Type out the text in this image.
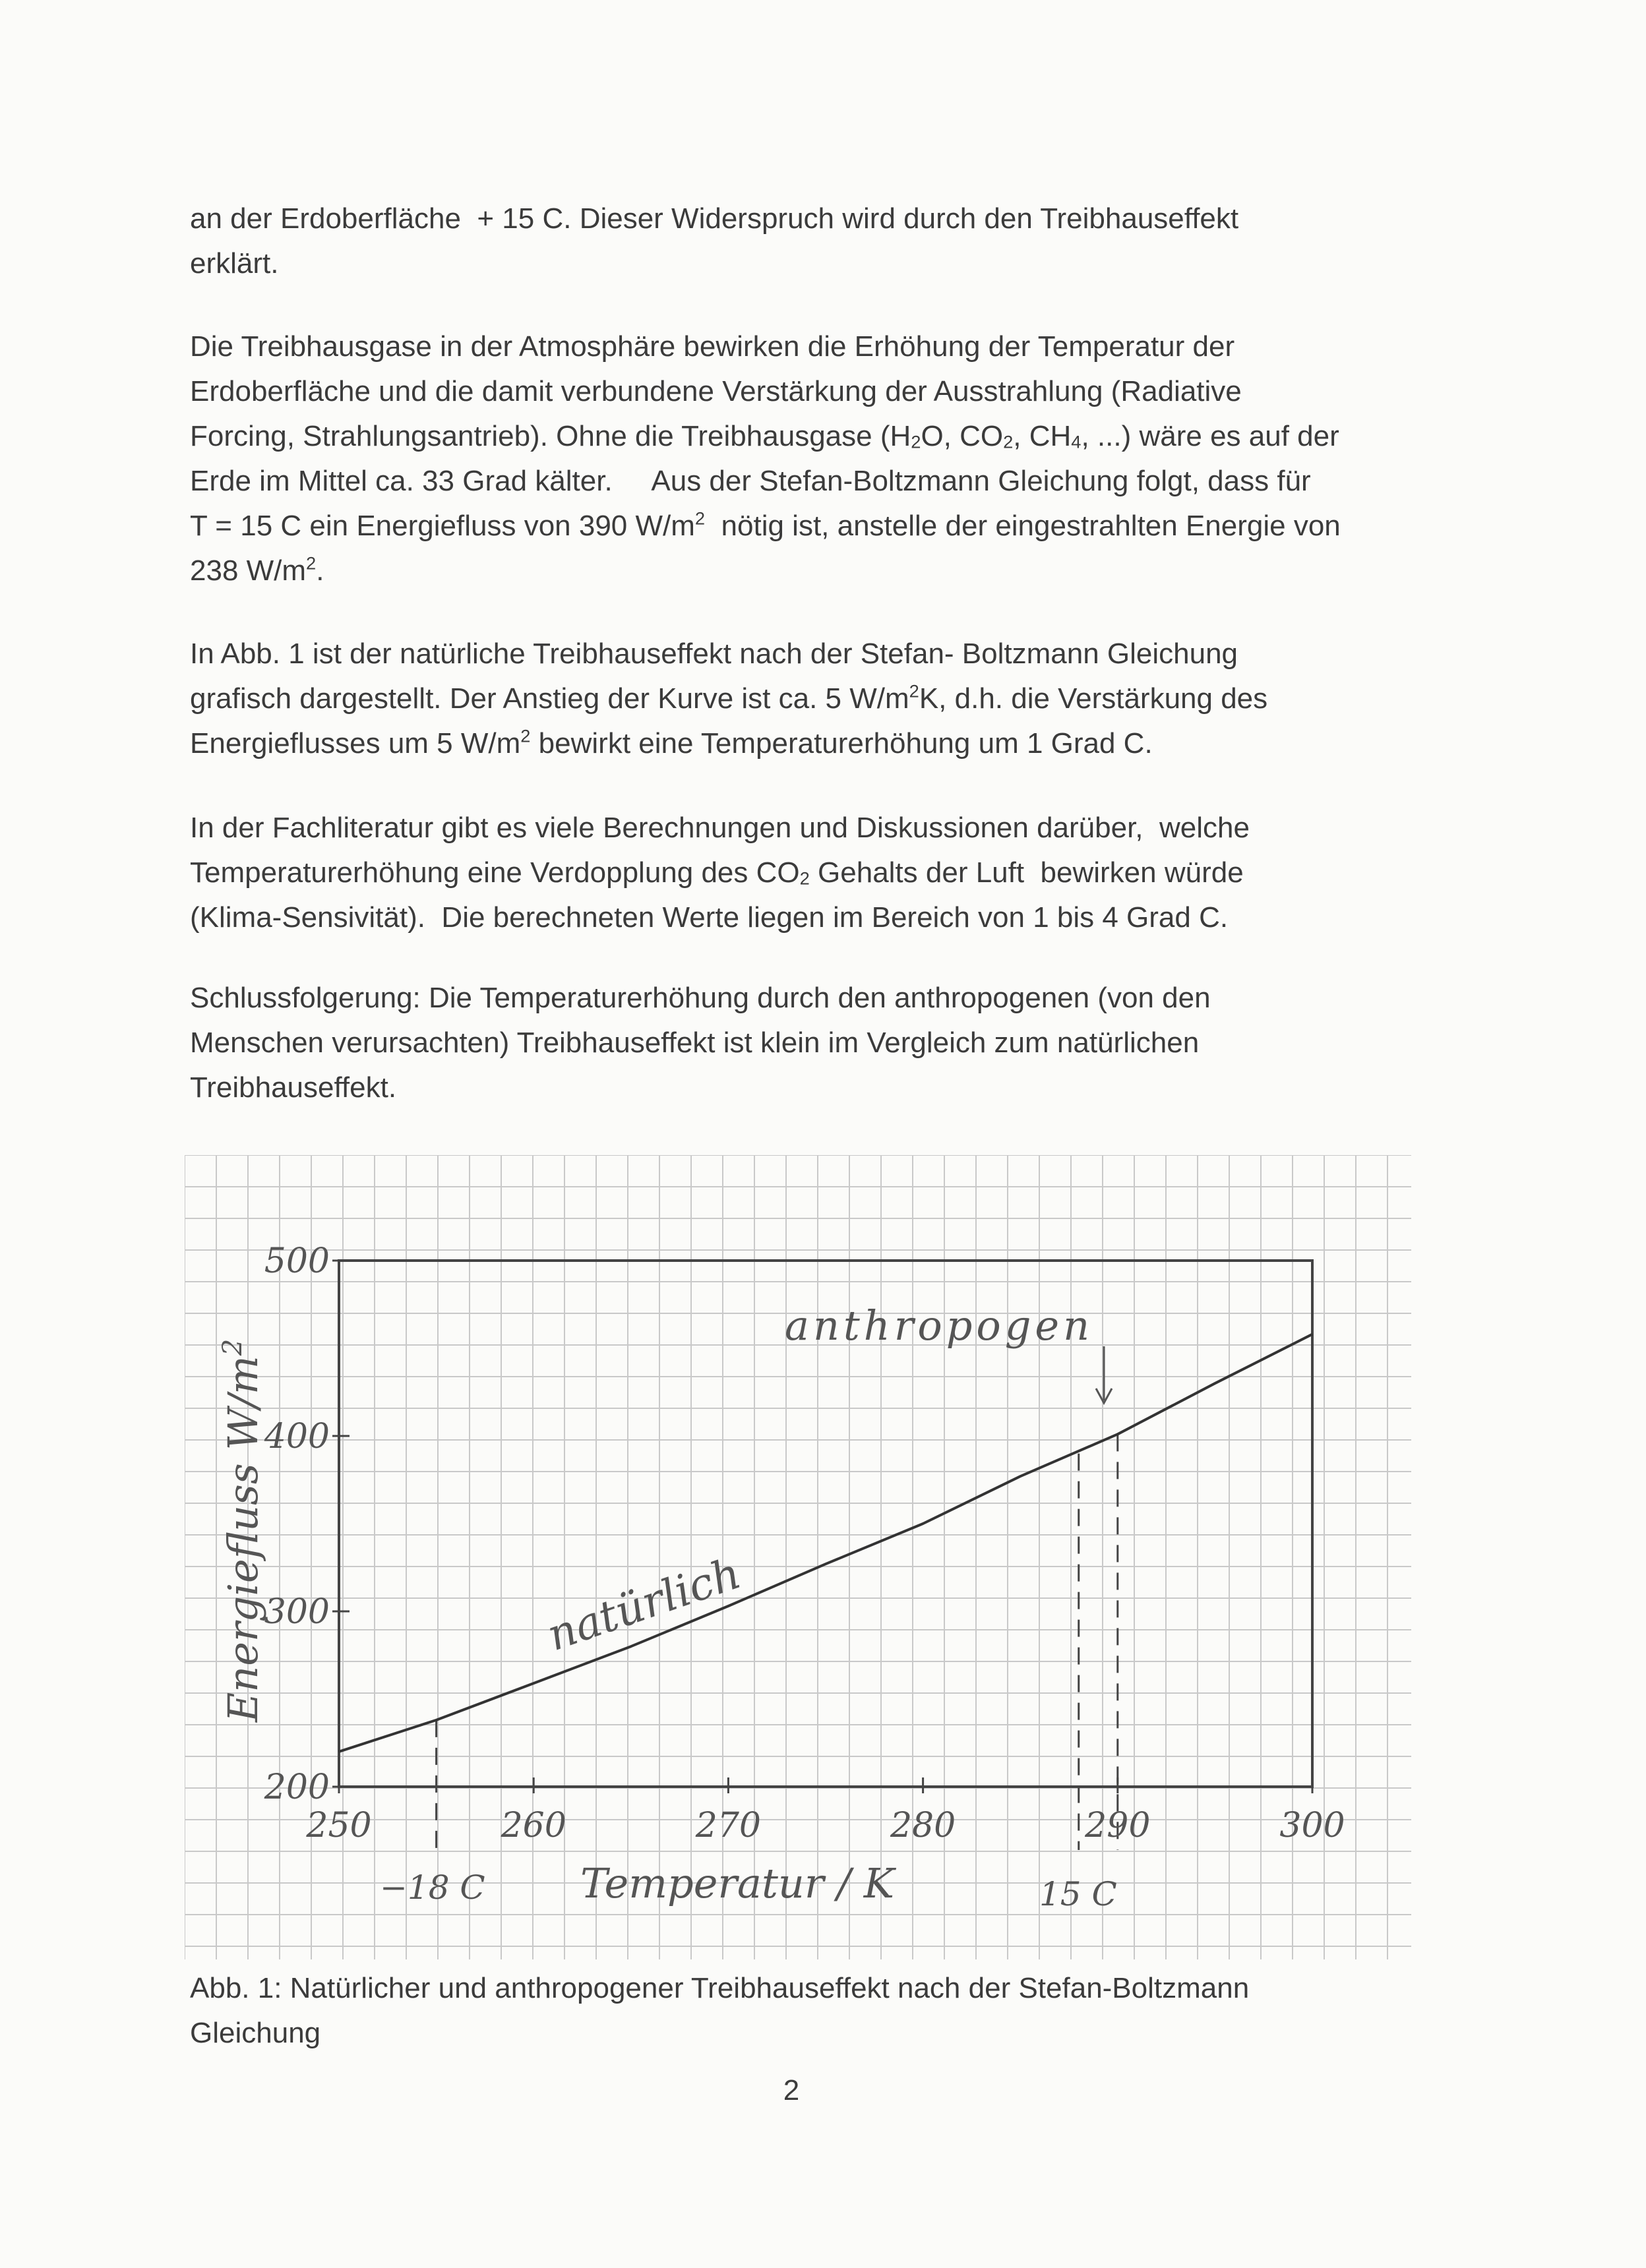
an der Erdoberfläche  + 15 C. Dieser Widerspruch wird durch den Treibhauseffekt

erklärt.

Die Treibhausgase in der Atmosphäre bewirken die Erhöhung der Temperatur der

Erdoberfläche und die damit verbundene Verstärkung der Ausstrahlung (Radiative

Forcing, Strahlungsantrieb). Ohne die Treibhausgase ($H_2O$, $CO_2$, $CH_4$, ...) wäre es auf der

Erde im Mittel ca. 33 Grad kälter.     Aus der Stefan-Boltzmann Gleichung folgt, dass für

T = 15 C ein Energiefluss von 390 $W/m^2$  nötig ist, anstelle der eingestrahlten Energie von

238 $W/m^2$.

In Abb. 1 ist der natürliche Treibhauseffekt nach der Stefan- Boltzmann Gleichung

grafisch dargestellt. Der Anstieg der Kurve ist ca. 5 $W/m^2K$, d.h. die Verstärkung des

Energieflusses um 5 $W/m^2$ bewirkt eine Temperaturerhöhung um 1 Grad C.

In der Fachliteratur gibt es viele Berechnungen und Diskussionen darüber,  welche

Temperaturerhöhung eine Verdopplung des $CO_2$ Gehalts der Luft  bewirken würde

(Klima-Sensivität).  Die berechneten Werte liegen im Bereich von 1 bis 4 Grad C.

Schlussfolgerung: Die Temperaturerhöhung durch den anthropogenen (von den

Menschen verursachten) Treibhauseffekt ist klein im Vergleich zum natürlichen

Treibhauseffekt.

200
300
400
500
250	260	270	280	290	300
Energiefluss $W/m^2$
Temperatur / K
natürlich
anthropogen
−18 C	15 C
Abb. 1: Natürlicher und anthropogener Treibhauseffekt nach der Stefan-Boltzmann
Gleichung
2
